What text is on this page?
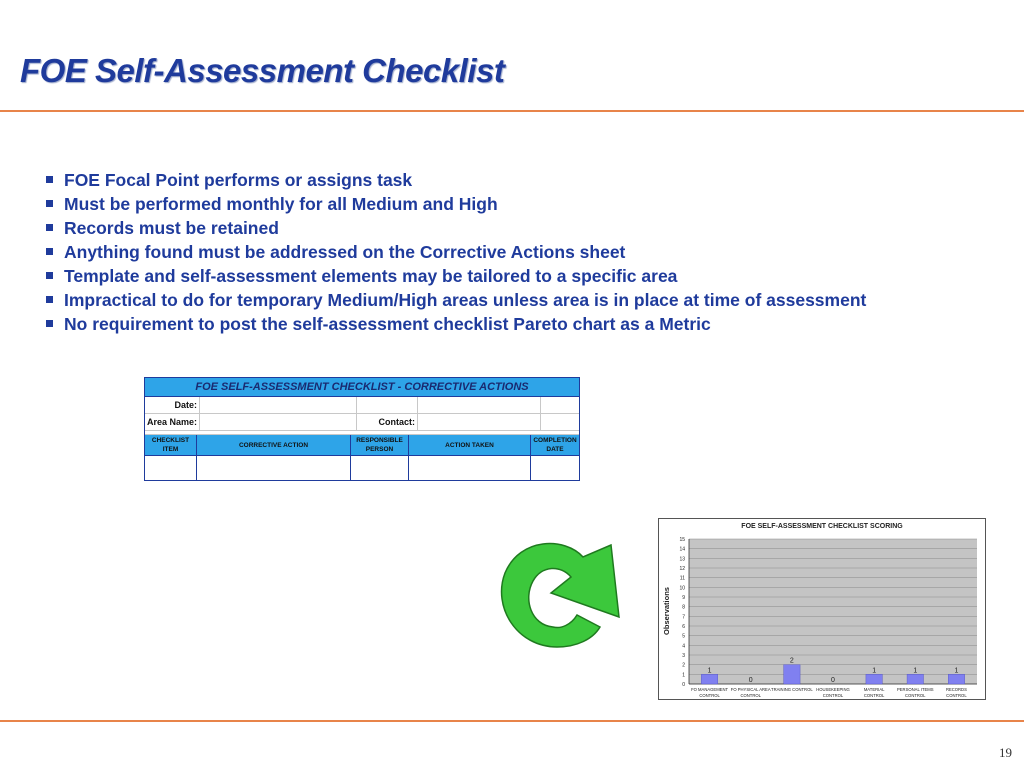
FOE Self-Assessment Checklist
FOE Focal Point performs or assigns task
Must be performed monthly for all Medium and High
Records must be retained
Anything found must be addressed on the Corrective Actions sheet
Template and self-assessment elements may be tailored to a specific area
Impractical to do for temporary Medium/High areas unless area is in place at time of assessment
No requirement to post the self-assessment checklist Pareto chart as a Metric
FOE SELF-ASSESSMENT CHECKLIST - CORRECTIVE ACTIONS
Date:
Area Name:	Contact:
CHECKLIST ITEM
CORRECTIVE ACTION
RESPONSIBLE PERSON
ACTION TAKEN
COMPLETION DATE
FOE SELF-ASSESSMENT CHECKLIST SCORING
Observations
0
1
2
3
4
5
6
7
8
9
10
11
12
13
14
15
1
FO MANAGEMENT
CONTROL
0
FO PHYSICAL AREA
CONTROL
2
TRAINING CONTROL
0
HOUSEKEEPING
CONTROL
1
MATERIAL
CONTROL
1
PERSONAL ITEMS
CONTROL
1
RECORDS
CONTROL
19
